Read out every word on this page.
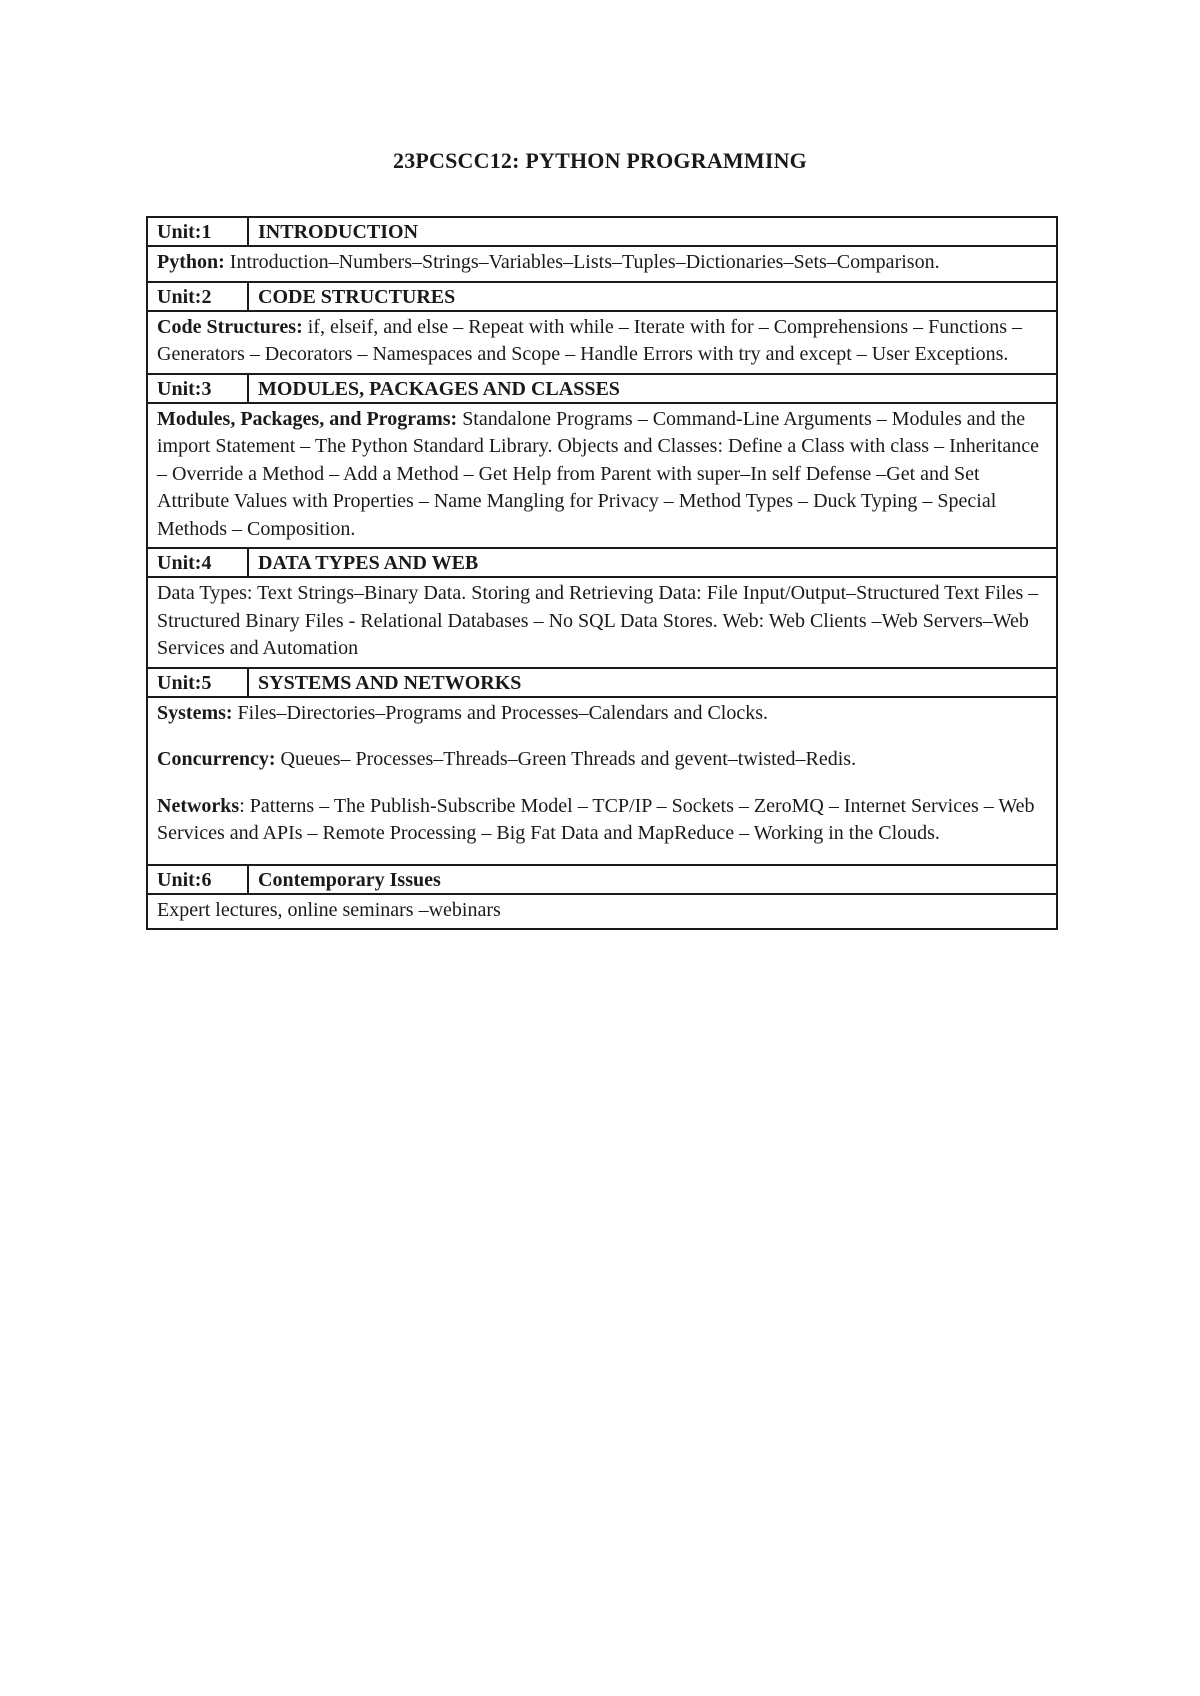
23PCSCC12: PYTHON PROGRAMMING
Unit:1	INTRODUCTION

Python: Introduction–Numbers–Strings–Variables–Lists–Tuples–Dictionaries–Sets–Comparison.	

Unit:2	CODE STRUCTURES

Code Structures: if, elseif, and else – Repeat with while – Iterate with for – Comprehensions – Functions – Generators – Decorators – Namespaces and Scope – Handle Errors with try and except – User Exceptions.	

Unit:3	MODULES, PACKAGES AND CLASSES

Modules, Packages, and Programs: Standalone Programs – Command-Line Arguments – Modules and the import Statement – The Python Standard Library. Objects and Classes: Define a Class with class – Inheritance – Override a Method – Add a Method – Get Help from Parent with super–In self Defense –Get and Set Attribute Values with Properties – Name Mangling for Privacy – Method Types – Duck Typing – Special Methods – Composition.	

Unit:4	DATA TYPES AND WEB

Data Types: Text Strings–Binary Data. Storing and Retrieving Data: File Input/Output–Structured Text Files – Structured Binary Files - Relational Databases – No SQL Data Stores. Web: Web Clients –Web Servers–Web Services and Automation	

Unit:5	SYSTEMS AND NETWORKS

Systems: Files–Directories–Programs and Processes–Calendars and Clocks.

Concurrency: Queues– Processes–Threads–Green Threads and gevent–twisted–Redis.

Networks: Patterns – The Publish-Subscribe Model – TCP/IP – Sockets – ZeroMQ – Internet Services – Web Services and APIs – Remote Processing – Big Fat Data and MapReduce – Working in the Clouds.	

Unit:6	Contemporary Issues

Expert lectures, online seminars –webinars	
